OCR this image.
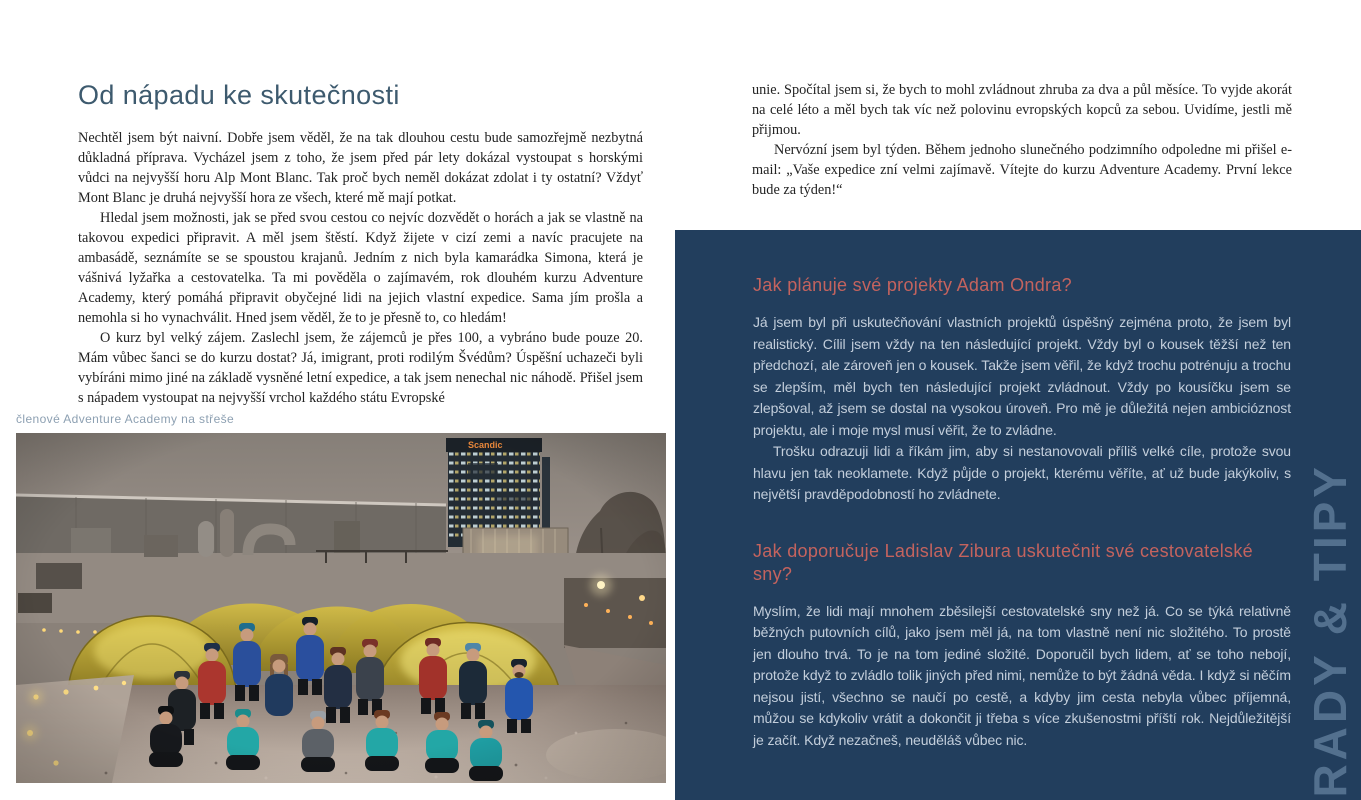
Od nápadu ke skutečnosti

Nechtěl jsem být naivní. Dobře jsem věděl, že na tak dlouhou cestu bude samozřejmě nezbytná důkladná příprava. Vycházel jsem z toho, že jsem před pár lety dokázal vystoupat s horskými vůdci na nejvyšší horu Alp Mont Blanc. Tak proč bych neměl dokázat zdolat i ty ostatní? Vždyť Mont Blanc je druhá nejvyšší hora ze všech, které mě mají potkat.

Hledal jsem možnosti, jak se před svou cestou co nejvíc dozvědět o horách a jak se vlastně na takovou expedici připravit. A měl jsem štěstí. Když žijete v cizí zemi a navíc pracujete na ambasádě, seznámíte se se spoustou krajanů. Jedním z nich byla kamarádka Simona, která je vášnivá lyžařka a cestovatelka. Ta mi pověděla o zajímavém, rok dlouhém kurzu Adventure Academy, který pomáhá připravit obyčejné lidi na jejich vlastní expedice. Sama jím prošla a nemohla si ho vynachválit. Hned jsem věděl, že to je přesně to, co hledám!

O kurz byl velký zájem. Zaslechl jsem, že zájemců je přes 100, a vybráno bude pouze 20. Mám vůbec šanci se do kurzu dostat? Já, imigrant, proti rodilým Švédům? Úspěšní uchazeči byli vybíráni mimo jiné na základě vysněné letní expedice, a tak jsem nenechal nic náhodě. Přišel jsem s nápadem vystoupat na nejvyšší vrchol každého státu Evropské

členové Adventure Academy na střeše

unie. Spočítal jsem si, že bych to mohl zvládnout zhruba za dva a půl měsíce. To vyjde akorát na celé léto a měl bych tak víc než polovinu evropských kopců za sebou. Uvidíme, jestli mě přijmou.

Nervózní jsem byl týden. Během jednoho slunečného podzimního odpoledne mi přišel e-mail: „Vaše expedice zní velmi zajímavě. Vítejte do kurzu Adventure Academy. První lekce bude za týden!“

Jak plánuje své projekty Adam Ondra?

Já jsem byl při uskutečňování vlastních projektů úspěšný zejména proto, že jsem byl realistický. Cílil jsem vždy na ten následující projekt. Vždy byl o kousek těžší než ten předchozí, ale zároveň jen o kousek. Takže jsem věřil, že když trochu potrénuju a trochu se zlepším, měl bych ten následující projekt zvládnout. Vždy po kousíčku jsem se zlepšoval, až jsem se dostal na vysokou úroveň. Pro mě je důležitá nejen ambicióznost projektu, ale i moje mysl musí věřit, že to zvládne.

Trošku odrazuji lidi a říkám jim, aby si nestanovovali příliš velké cíle, protože svou hlavu jen tak neoklamete. Když půjde o projekt, kterému věříte, ať už bude jakýkoliv, s největší pravděpodobností ho zvládnete.

Jak doporučuje Ladislav Zibura uskutečnit své cestovatelské sny?

Myslím, že lidi mají mnohem zběsilejší cestovatelské sny než já. Co se týká relativně běžných putovních cílů, jako jsem měl já, na tom vlastně není nic složitého. To prostě jen dlouho trvá. To je na tom jediné složité. Doporučil bych lidem, ať se toho nebojí, protože když to zvládlo tolik jiných před nimi, nemůže to být žádná věda. I když si něčím nejsou jistí, všechno se naučí po cestě, a kdyby jim cesta nebyla vůbec příjemná, můžou se kdykoliv vrátit a dokončit ji třeba s více zkušenostmi příští rok. Nejdůležitější je začít. Když nezačneš, neuděláš vůbec nic.	RADY & TIPY
